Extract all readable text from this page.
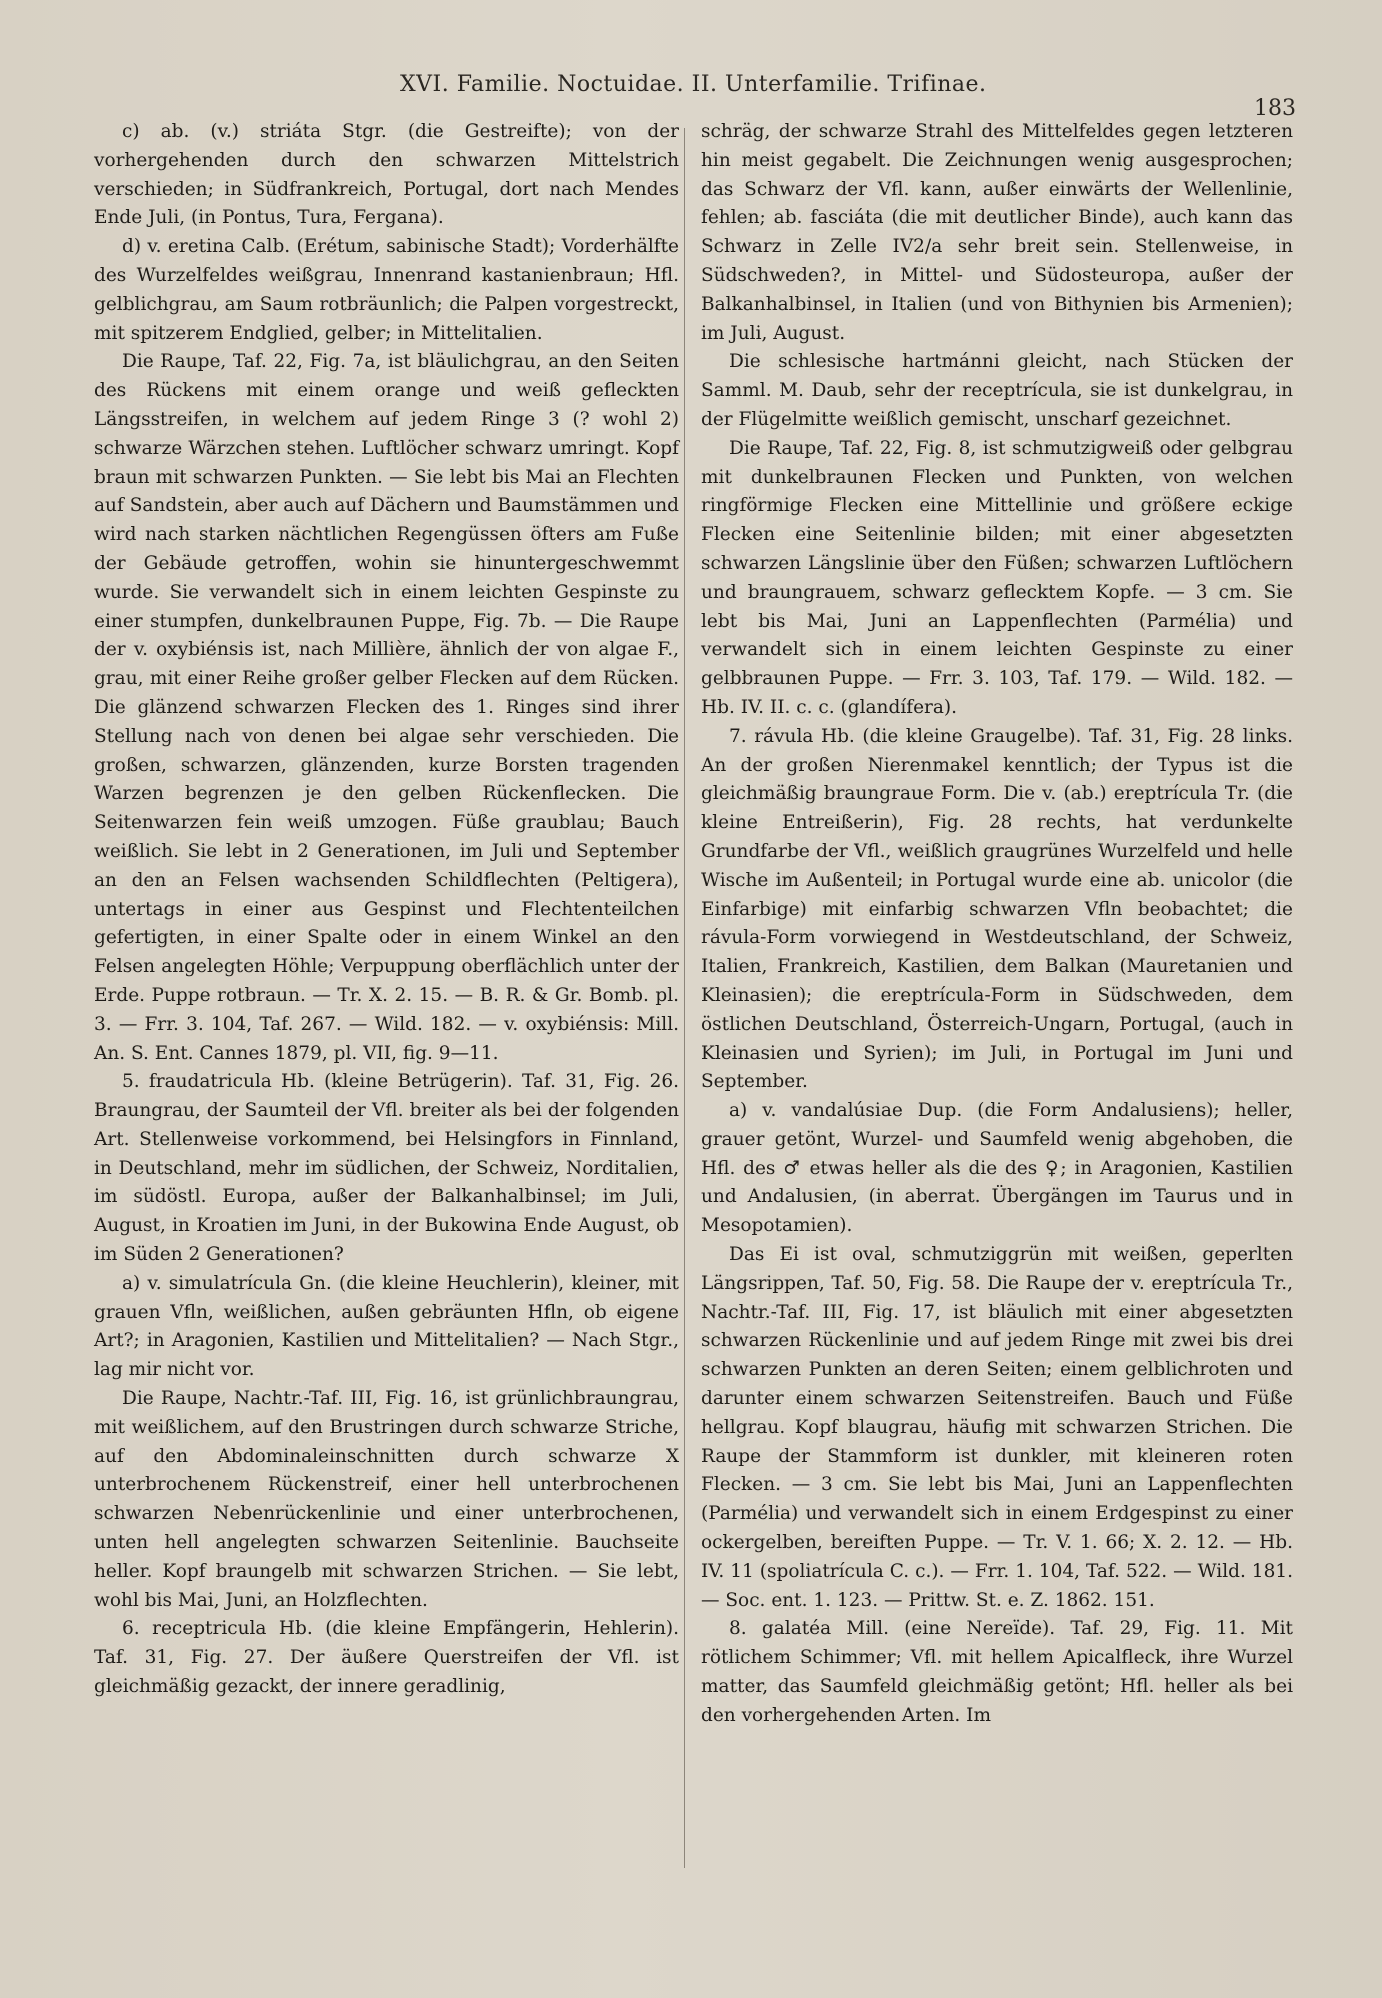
XVI. Familie. Noctuidae. II. Unterfamilie. Trifinae.
183

c) ab. (v.) striáta Stgr. (die Gestreifte); von der vorhergehenden durch den schwarzen Mittelstrich verschieden; in Südfrankreich, Portugal, dort nach Mendes Ende Juli, (in Pontus, Tura, Fergana).

d) v. eretina Calb. (Erétum, sabinische Stadt); Vorderhälfte des Wurzelfeldes weißgrau, Innenrand kastanienbraun; Hfl. gelblichgrau, am Saum rotbräunlich; die Palpen vorgestreckt, mit spitzerem Endglied, gelber; in Mittelitalien.

Die Raupe, Taf. 22, Fig. 7a, ist bläulichgrau, an den Seiten des Rückens mit einem orange und weiß gefleckten Längsstreifen, in welchem auf jedem Ringe 3 (? wohl 2) schwarze Wärzchen stehen. Luftlöcher schwarz umringt. Kopf braun mit schwarzen Punkten. — Sie lebt bis Mai an Flechten auf Sandstein, aber auch auf Dächern und Baumstämmen und wird nach starken nächtlichen Regengüssen öfters am Fuße der Gebäude getroffen, wohin sie hinuntergeschwemmt wurde. Sie verwandelt sich in einem leichten Gespinste zu einer stumpfen, dunkelbraunen Puppe, Fig. 7b. — Die Raupe der v. oxybiénsis ist, nach Millière, ähnlich der von algae F., grau, mit einer Reihe großer gelber Flecken auf dem Rücken. Die glänzend schwarzen Flecken des 1. Ringes sind ihrer Stellung nach von denen bei algae sehr verschieden. Die großen, schwarzen, glänzenden, kurze Borsten tragenden Warzen begrenzen je den gelben Rückenflecken. Die Seitenwarzen fein weiß umzogen. Füße graublau; Bauch weißlich. Sie lebt in 2 Generationen, im Juli und September an den an Felsen wachsenden Schildflechten (Peltigera), untertags in einer aus Gespinst und Flechtenteilchen gefertigten, in einer Spalte oder in einem Winkel an den Felsen angelegten Höhle; Verpuppung oberflächlich unter der Erde. Puppe rotbraun. — Tr. X. 2. 15. — B. R. & Gr. Bomb. pl. 3. — Frr. 3. 104, Taf. 267. — Wild. 182. — v. oxybiénsis: Mill. An. S. Ent. Cannes 1879, pl. VII, fig. 9—11.

5. fraudatricula Hb. (kleine Betrügerin). Taf. 31, Fig. 26. Braungrau, der Saumteil der Vfl. breiter als bei der folgenden Art. Stellenweise vorkommend, bei Helsingfors in Finnland, in Deutschland, mehr im südlichen, der Schweiz, Norditalien, im südöstl. Europa, außer der Balkanhalbinsel; im Juli, August, in Kroatien im Juni, in der Bukowina Ende August, ob im Süden 2 Generationen?

a) v. simulatrícula Gn. (die kleine Heuchlerin), kleiner, mit grauen Vfln, weißlichen, außen gebräunten Hfln, ob eigene Art?; in Aragonien, Kastilien und Mittelitalien? — Nach Stgr., lag mir nicht vor.

Die Raupe, Nachtr.-Taf. III, Fig. 16, ist grünlichbraungrau, mit weißlichem, auf den Brustringen durch schwarze Striche, auf den Abdominaleinschnitten durch schwarze X unterbrochenem Rückenstreif, einer hell unterbrochenen schwarzen Nebenrückenlinie und einer unterbrochenen, unten hell angelegten schwarzen Seitenlinie. Bauchseite heller. Kopf braungelb mit schwarzen Strichen. — Sie lebt, wohl bis Mai, Juni, an Holzflechten.

6. receptricula Hb. (die kleine Empfängerin, Hehlerin). Taf. 31, Fig. 27. Der äußere Querstreifen der Vfl. ist gleichmäßig gezackt, der innere geradlinig,

schräg, der schwarze Strahl des Mittelfeldes gegen letzteren hin meist gegabelt. Die Zeichnungen wenig ausgesprochen; das Schwarz der Vfl. kann, außer einwärts der Wellenlinie, fehlen; ab. fasciáta (die mit deutlicher Binde), auch kann das Schwarz in Zelle IV2/a sehr breit sein. Stellenweise, in Südschweden?, in Mittel- und Südosteuropa, außer der Balkanhalbinsel, in Italien (und von Bithynien bis Armenien); im Juli, August.

Die schlesische hartmánni gleicht, nach Stücken der Samml. M. Daub, sehr der receptrícula, sie ist dunkelgrau, in der Flügelmitte weißlich gemischt, unscharf gezeichnet.

Die Raupe, Taf. 22, Fig. 8, ist schmutzigweiß oder gelbgrau mit dunkelbraunen Flecken und Punkten, von welchen ringförmige Flecken eine Mittellinie und größere eckige Flecken eine Seitenlinie bilden; mit einer abgesetzten schwarzen Längslinie über den Füßen; schwarzen Luftlöchern und braungrauem, schwarz geflecktem Kopfe. — 3 cm. Sie lebt bis Mai, Juni an Lappenflechten (Parmélia) und verwandelt sich in einem leichten Gespinste zu einer gelbbraunen Puppe. — Frr. 3. 103, Taf. 179. — Wild. 182. — Hb. IV. II. c. c. (glandífera).

7. rávula Hb. (die kleine Graugelbe). Taf. 31, Fig. 28 links. An der großen Nierenmakel kenntlich; der Typus ist die gleichmäßig braungraue Form. Die v. (ab.) ereptrícula Tr. (die kleine Entreißerin), Fig. 28 rechts, hat verdunkelte Grundfarbe der Vfl., weißlich graugrünes Wurzelfeld und helle Wische im Außenteil; in Portugal wurde eine ab. unicolor (die Einfarbige) mit einfarbig schwarzen Vfln beobachtet; die rávula-Form vorwiegend in Westdeutschland, der Schweiz, Italien, Frankreich, Kastilien, dem Balkan (Mauretanien und Kleinasien); die ereptrícula-Form in Südschweden, dem östlichen Deutschland, Österreich-Ungarn, Portugal, (auch in Kleinasien und Syrien); im Juli, in Portugal im Juni und September.

a) v. vandalúsiae Dup. (die Form Andalusiens); heller, grauer getönt, Wurzel- und Saumfeld wenig abgehoben, die Hfl. des ♂ etwas heller als die des ♀; in Aragonien, Kastilien und Andalusien, (in aberrat. Übergängen im Taurus und in Mesopotamien).

Das Ei ist oval, schmutziggrün mit weißen, geperlten Längsrippen, Taf. 50, Fig. 58. Die Raupe der v. ereptrícula Tr., Nachtr.-Taf. III, Fig. 17, ist bläulich mit einer abgesetzten schwarzen Rückenlinie und auf jedem Ringe mit zwei bis drei schwarzen Punkten an deren Seiten; einem gelblichroten und darunter einem schwarzen Seitenstreifen. Bauch und Füße hellgrau. Kopf blaugrau, häufig mit schwarzen Strichen. Die Raupe der Stammform ist dunkler, mit kleineren roten Flecken. — 3 cm. Sie lebt bis Mai, Juni an Lappenflechten (Parmélia) und verwandelt sich in einem Erdgespinst zu einer ockergelben, bereiften Puppe. — Tr. V. 1. 66; X. 2. 12. — Hb. IV. 11 (spoliatrícula C. c.). — Frr. 1. 104, Taf. 522. — Wild. 181. — Soc. ent. 1. 123. — Prittw. St. e. Z. 1862. 151.

8. galatéa Mill. (eine Nereïde). Taf. 29, Fig. 11. Mit rötlichem Schimmer; Vfl. mit hellem Apicalfleck, ihre Wurzel matter, das Saumfeld gleichmäßig getönt; Hfl. heller als bei den vorhergehenden Arten. Im
